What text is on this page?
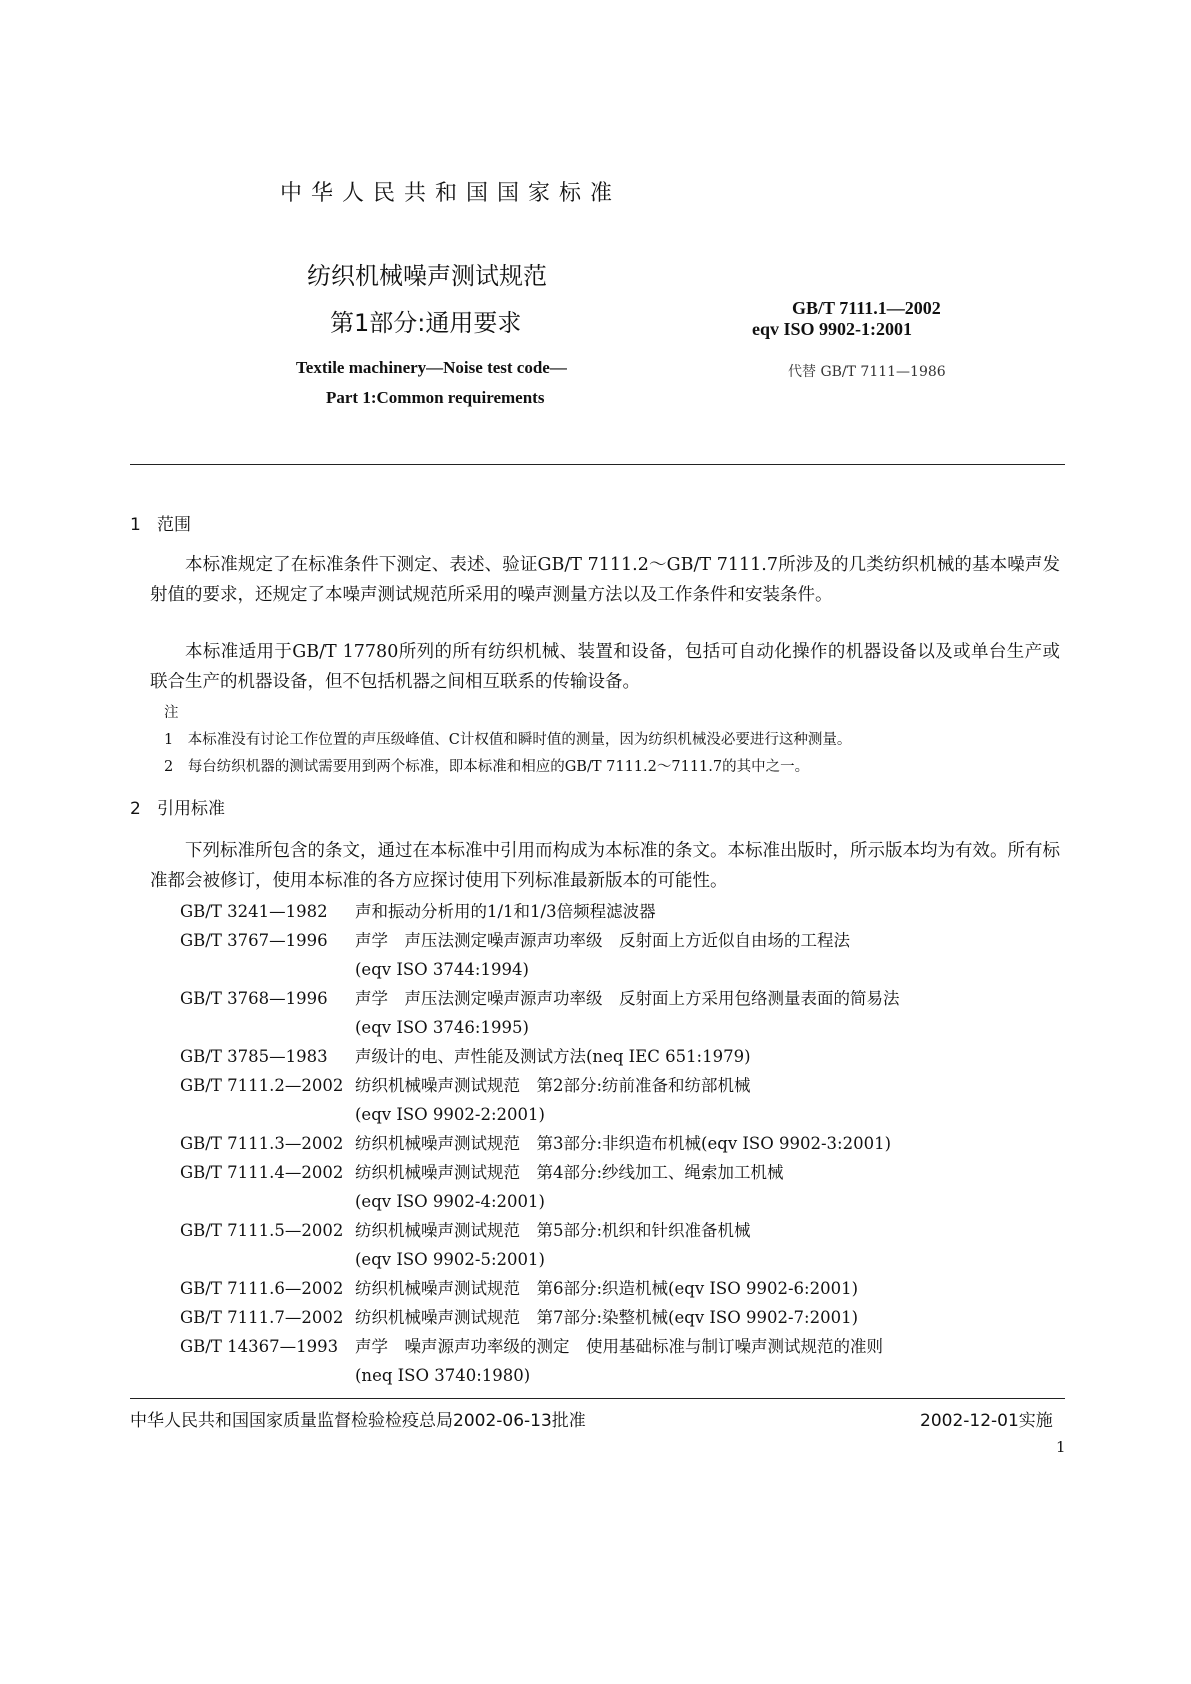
中华人民共和国国家标准
纺织机械噪声测试规范
第1部分:通用要求
Textile machinery—Noise test code—
Part 1:Common requirements
GB/T 7111.1—2002
eqv ISO 9902-1:2001
代替 GB/T 7111—1986
1 范围
本标准规定了在标准条件下测定、表述、验证GB/T 7111.2～GB/T 7111.7所涉及的几类纺织机械的基本噪声发射值的要求，还规定了本噪声测试规范所采用的噪声测量方法以及工作条件和安装条件。
本标准适用于GB/T 17780所列的所有纺织机械、装置和设备，包括可自动化操作的机器设备以及或单台生产或联合生产的机器设备，但不包括机器之间相互联系的传输设备。
注
1　本标准没有讨论工作位置的声压级峰值、C计权值和瞬时值的测量，因为纺织机械没必要进行这种测量。
2　每台纺织机器的测试需要用到两个标准，即本标准和相应的GB/T 7111.2～7111.7的其中之一。
2 引用标准
下列标准所包含的条文，通过在本标准中引用而构成为本标准的条文。本标准出版时，所示版本均为有效。所有标准都会被修订，使用本标准的各方应探讨使用下列标准最新版本的可能性。
GB/T 3241—1982 声和振动分析用的1/1和1/3倍频程滤波器
GB/T 3767—1996 声学　声压法测定噪声源声功率级　反射面上方近似自由场的工程法
(eqv ISO 3744:1994)
GB/T 3768—1996 声学　声压法测定噪声源声功率级　反射面上方采用包络测量表面的简易法
(eqv ISO 3746:1995)
GB/T 3785—1983 声级计的电、声性能及测试方法(neq IEC 651:1979)
GB/T 7111.2—2002 纺织机械噪声测试规范　第2部分:纺前准备和纺部机械
(eqv ISO 9902-2:2001)
GB/T 7111.3—2002 纺织机械噪声测试规范　第3部分:非织造布机械(eqv ISO 9902-3:2001)
GB/T 7111.4—2002 纺织机械噪声测试规范　第4部分:纱线加工、绳索加工机械
(eqv ISO 9902-4:2001)
GB/T 7111.5—2002 纺织机械噪声测试规范　第5部分:机织和针织准备机械
(eqv ISO 9902-5:2001)
GB/T 7111.6—2002 纺织机械噪声测试规范　第6部分:织造机械(eqv ISO 9902-6:2001)
GB/T 7111.7—2002 纺织机械噪声测试规范　第7部分:染整机械(eqv ISO 9902-7:2001)
GB/T 14367—1993 声学　噪声源声功率级的测定　使用基础标准与制订噪声测试规范的准则
(neq ISO 3740:1980)
中华人民共和国国家质量监督检验检疫总局2002-06-13批准	2002-12-01实施
1
